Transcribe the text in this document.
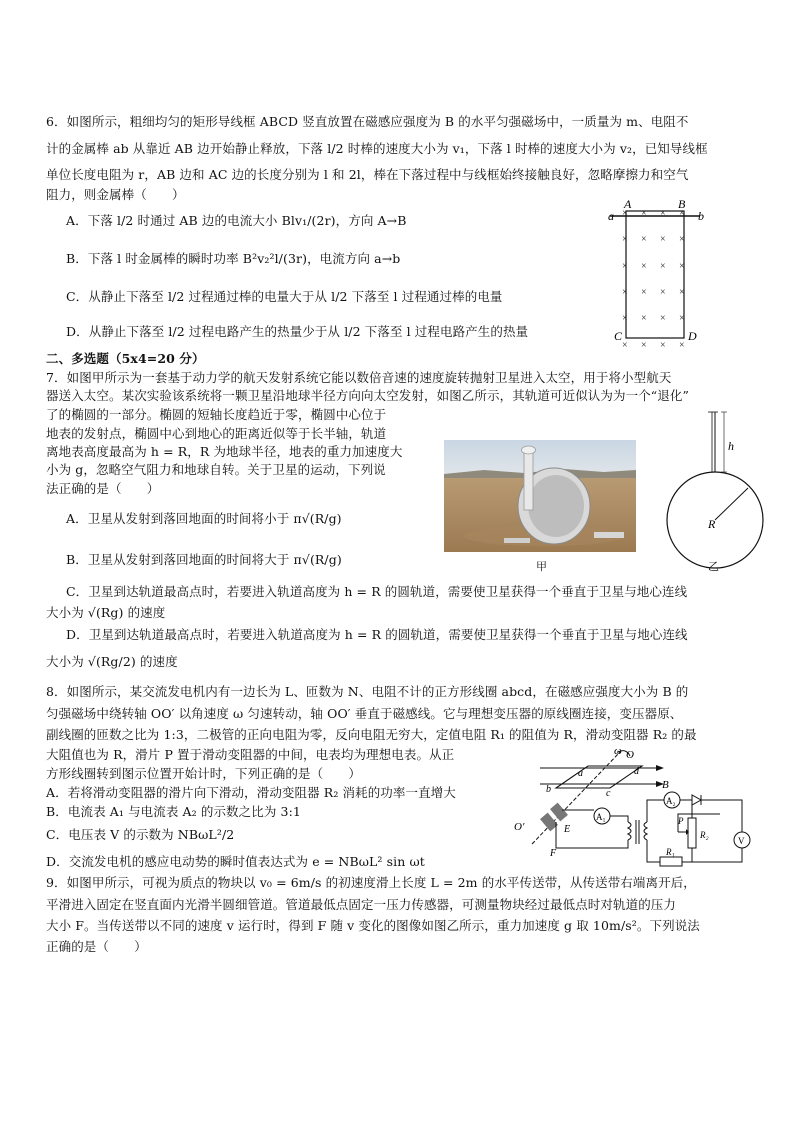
6．如图所示，粗细均匀的矩形导线框 ABCD 竖直放置在磁感应强度为 B 的水平匀强磁场中，一质量为 m、电阻不
计的金属棒 ab 从靠近 AB 边开始静止释放，下落 l/2 时棒的速度大小为 v₁，下落 l 时棒的速度大小为 v₂，已知导线框
单位长度电阻为 r，AB 边和 AC 边的长度分别为 l 和 2l，棒在下落过程中与线框始终接触良好，忽略摩擦力和空气
阻力，则金属棒（　　）
A．下落 l/2 时通过 AB 边的电流大小 Blv₁/(2r)，方向 A→B
B．下落 l 时金属棒的瞬时功率 B²v₂²l/(3r)，电流方向 a→b
C．从静止下落至 l/2 过程通过棒的电量大于从 l/2 下落至 l 过程通过棒的电量
D．从静止下落至 l/2 过程电路产生的热量少于从 l/2 下落至 l 过程电路产生的热量
a
A	B
b
C	D
× × × ×
× × × ×
× × × ×
× × × ×
× × × ×
× × × ×
二、多选题（5x4=20 分）
7．如图甲所示为一套基于动力学的航天发射系统它能以数倍音速的速度旋转抛射卫星进入太空，用于将小型航天
器送入太空。某次实验该系统将一颗卫星沿地球半径方向向太空发射，如图乙所示，其轨道可近似认为为一个“退化”
了的椭圆的一部分。椭圆的短轴长度趋近于零，椭圆中心位于
地表的发射点，椭圆中心到地心的距离近似等于长半轴，轨道
离地表高度最高为 h = R，R 为地球半径，地表的重力加速度大
小为 g，忽略空气阻力和地球自转。关于卫星的运动，下列说
法正确的是（　　）
A．卫星从发射到落回地面的时间将小于 π√(R/g)
B．卫星从发射到落回地面的时间将大于 π√(R/g)
C．卫星到达轨道最高点时，若要进入轨道高度为 h = R 的圆轨道，需要使卫星获得一个垂直于卫星与地心连线
大小为 √(Rg) 的速度
D．卫星到达轨道最高点时，若要进入轨道高度为 h = R 的圆轨道，需要使卫星获得一个垂直于卫星与地心连线
大小为 √(Rg/2) 的速度
甲
h
R
乙
8．如图所示，某交流发电机内有一边长为 L、匝数为 N、电阻不计的正方形线圈 abcd，在磁感应强度大小为 B 的
匀强磁场中绕转轴 OO′ 以角速度 ω 匀速转动，轴 OO′ 垂直于磁感线。它与理想变压器的原线圈连接，变压器原、
副线圈的匝数之比为 1:3，二极管的正向电阻为零，反向电阻无穷大，定值电阻 R₁ 的阻值为 R，滑动变阻器 R₂ 的最
大阻值也为 R，滑片 P 置于滑动变阻器的中间，电表均为理想电表。从正
方形线圈转到图示位置开始计时，下列正确的是（　　）
A．若将滑动变阻器的滑片向下滑动，滑动变阻器 R₂ 消耗的功率一直增大
B．电流表 A₁ 与电流表 A₂ 的示数之比为 3:1
C．电压表 V 的示数为 NBωL²/2
D．交流发电机的感应电动势的瞬时值表达式为 e = NBωL² sin ωt
ω O
O′
B
a
b	c
d
E
F
A₁
A₂
R₁
P
R₂
V
9．如图甲所示，可视为质点的物块以 v₀ = 6m/s 的初速度滑上长度 L = 2m 的水平传送带，从传送带右端离开后，
平滑进入固定在竖直面内光滑半圆细管道。管道最低点固定一压力传感器，可测量物块经过最低点时对轨道的压力
大小 F。当传送带以不同的速度 v 运行时，得到 F 随 v 变化的图像如图乙所示，重力加速度 g 取 10m/s²。下列说法
正确的是（　　）
